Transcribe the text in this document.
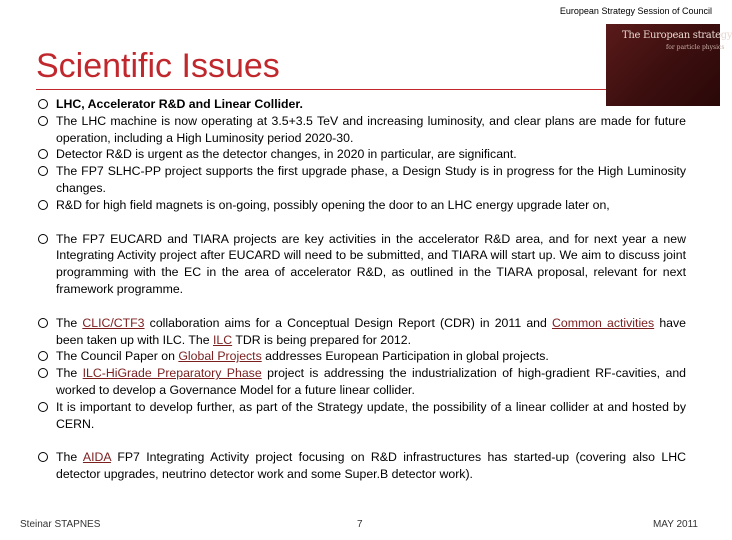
European Strategy Session of Council
The European strategy
for particle physics
Scientific Issues
LHC, Accelerator R&D and Linear Collider.
The LHC machine is now operating at 3.5+3.5 TeV and increasing luminosity, and clear plans are made for future operation, including a High Luminosity period 2020-30.
Detector R&D is urgent as the detector changes, in 2020 in particular, are significant.
The FP7 SLHC-PP project supports the first upgrade phase, a Design Study is in progress for the High Luminosity changes.
R&D for high field magnets is on-going, possibly opening the door to an LHC energy upgrade later on,
The FP7 EUCARD and TIARA projects are key activities in the accelerator R&D area, and for next year a new Integrating Activity project after EUCARD will need to be submitted, and TIARA will start up. We aim to discuss joint programming with the EC in the area of accelerator R&D, as outlined in the TIARA proposal, relevant for next framework programme.
The CLIC/CTF3 collaboration aims for a Conceptual Design Report (CDR) in 2011 and Common activities have been taken up with ILC. The ILC TDR is being prepared for 2012.
The Council Paper on Global Projects addresses European Participation in global projects.
The ILC-HiGrade Preparatory Phase project is addressing the industrialization of high-gradient RF-cavities, and worked to develop a Governance Model for a future linear collider.
It is important to develop further, as part of the Strategy update, the possibility of a linear collider at and hosted by CERN.
The AIDA FP7 Integrating Activity project focusing on R&D infrastructures has started-up (covering also LHC detector upgrades, neutrino detector work and some Super.B detector work).
Steinar STAPNES	7	MAY 2011
